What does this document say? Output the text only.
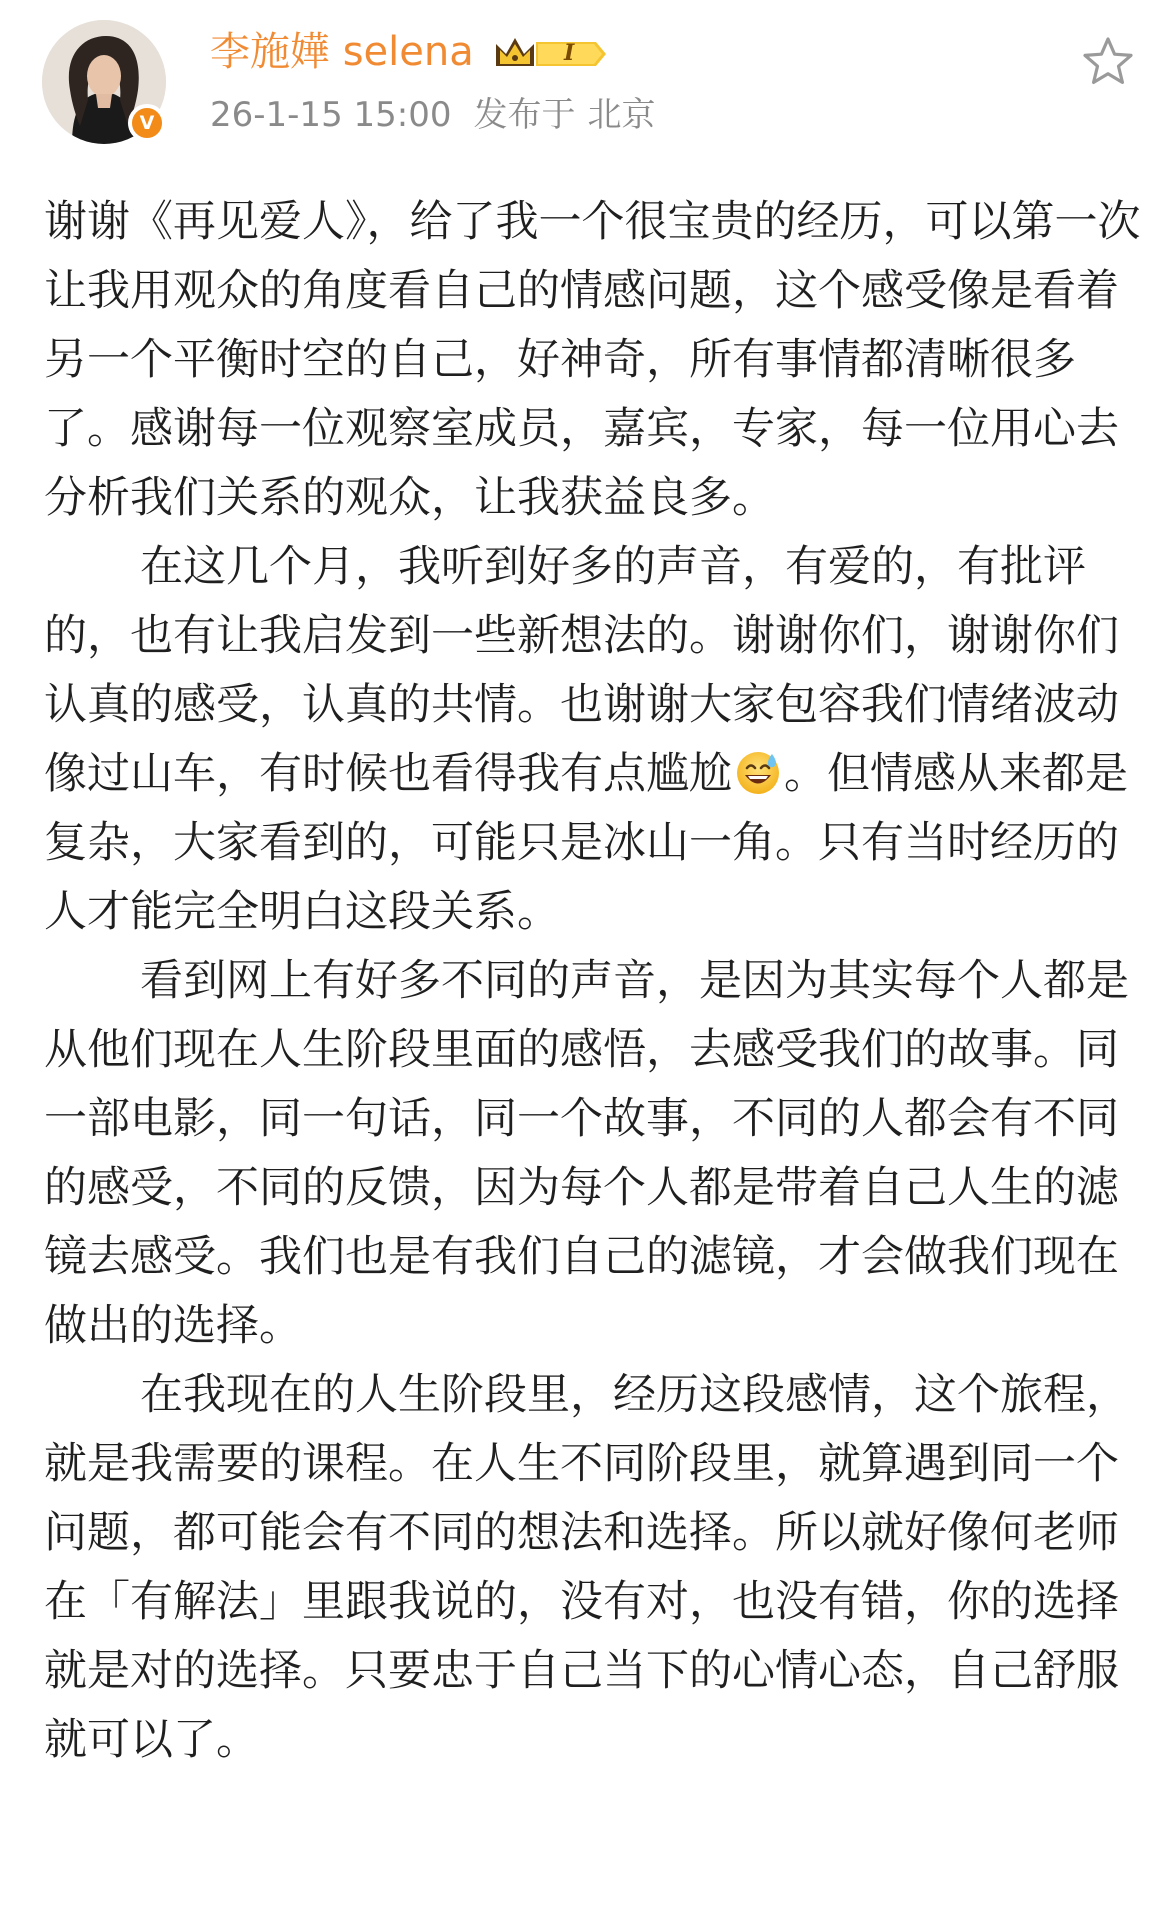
V
李施嬅 selena	I
26-1-15 15:00 发布于 北京

谢谢《再见爱人》，给了我一个很宝贵的经历，可以第一次让我用观众的角度看自己的情感问题，这个感受像是看着另一个平衡时空的自己，好神奇，所有事情都清晰很多了。感谢每一位观察室成员，嘉宾，专家，每一位用心去分析我们关系的观众，让我获益良多。

在这几个月，我听到好多的声音，有爱的，有批评的，也有让我启发到一些新想法的。谢谢你们，谢谢你们认真的感受，认真的共情。也谢谢大家包容我们情绪波动像过山车，有时候也看得我有点尴尬 。但情感从来都是复杂，大家看到的，可能只是冰山一角。只有当时经历的人才能完全明白这段关系。

看到网上有好多不同的声音，是因为其实每个人都是从他们现在人生阶段里面的感悟，去感受我们的故事。同一部电影，同一句话，同一个故事，不同的人都会有不同的感受，不同的反馈，因为每个人都是带着自己人生的滤镜去感受。我们也是有我们自己的滤镜，才会做我们现在做出的选择。

在我现在的人生阶段里，经历这段感情，这个旅程，就是我需要的课程。在人生不同阶段里，就算遇到同一个问题，都可能会有不同的想法和选择。所以就好像何老师在「有解法」里跟我说的，没有对，也没有错，你的选择就是对的选择。只要忠于自己当下的心情心态，自己舒服就可以了。
